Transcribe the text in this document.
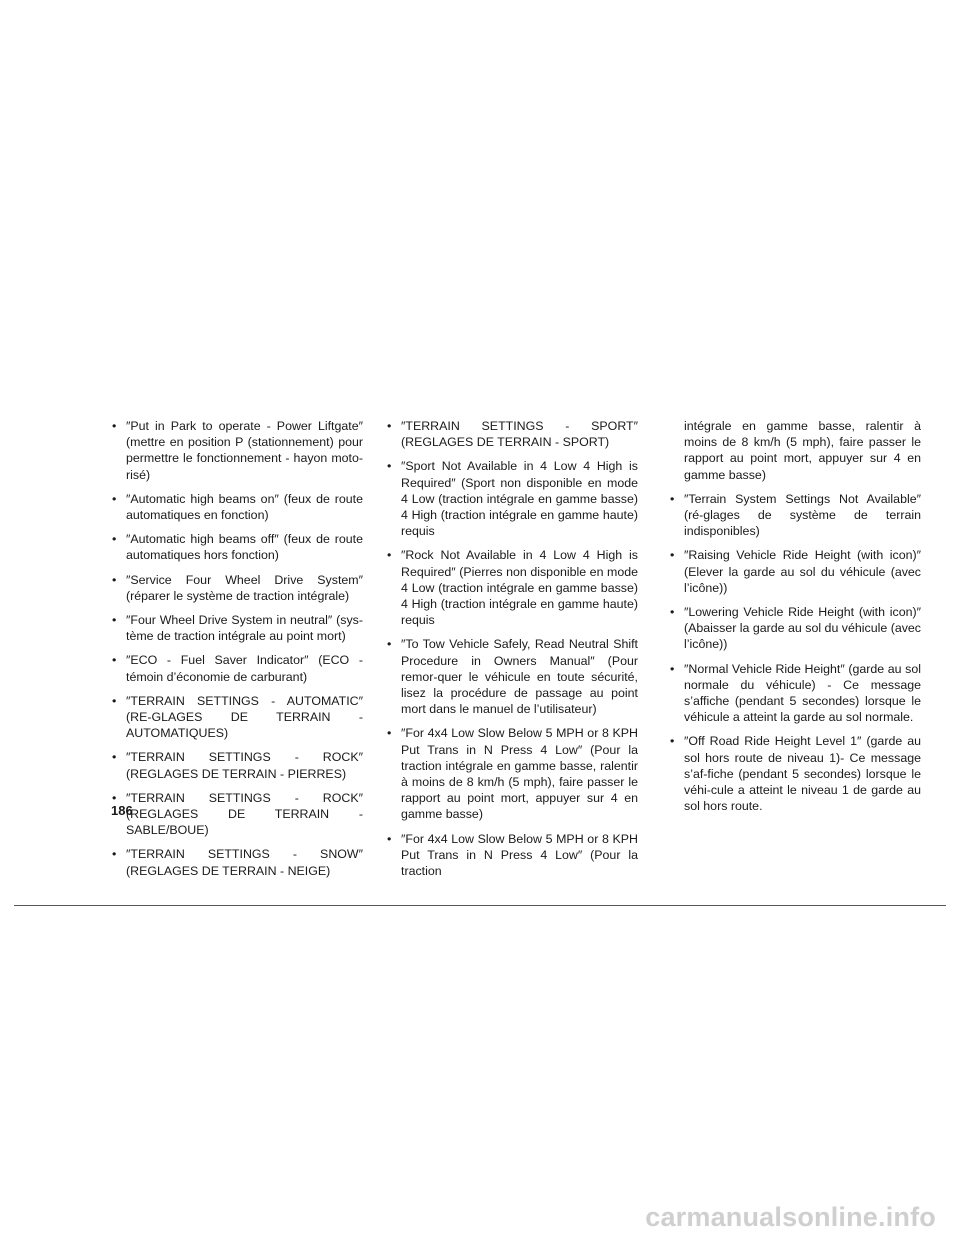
• ″Put in Park to operate - Power Liftgate″ (mettre en position P (stationnement) pour permettre le fonctionnement - hayon moto-risé)
• ″Automatic high beams on″ (feux de route automatiques en fonction)
• ″Automatic high beams off″ (feux de route automatiques hors fonction)
• ″Service Four Wheel Drive System″ (réparer le système de traction intégrale)
• ″Four Wheel Drive System in neutral″ (sys-tème de traction intégrale au point mort)
• ″ECO - Fuel Saver Indicator″ (ECO - témoin d’économie de carburant)
• ″TERRAIN SETTINGS - AUTOMATIC″ (RE-GLAGES DE TERRAIN - AUTOMATIQUES)
• ″TERRAIN SETTINGS - ROCK″ (REGLAGES DE TERRAIN - PIERRES)
• ″TERRAIN SETTINGS - ROCK″ (REGLAGES DE TERRAIN - SABLE/BOUE)
• ″TERRAIN SETTINGS - SNOW″ (REGLAGES DE TERRAIN - NEIGE)
• ″TERRAIN SETTINGS - SPORT″ (REGLAGES DE TERRAIN - SPORT)
• ″Sport Not Available in 4 Low 4 High is Required″ (Sport non disponible en mode 4 Low (traction intégrale en gamme basse) 4 High (traction intégrale en gamme haute) requis
• ″Rock Not Available in 4 Low 4 High is Required″ (Pierres non disponible en mode 4 Low (traction intégrale en gamme basse) 4 High (traction intégrale en gamme haute) requis
• ″To Tow Vehicle Safely, Read Neutral Shift Procedure in Owners Manual″ (Pour remor-quer le véhicule en toute sécurité, lisez la procédure de passage au point mort dans le manuel de l’utilisateur)
• ″For 4x4 Low Slow Below 5 MPH or 8 KPH Put Trans in N Press 4 Low″ (Pour la traction intégrale en gamme basse, ralentir à moins de 8 km/h (5 mph), faire passer le rapport au point mort, appuyer sur 4 en gamme basse)
• ″For 4x4 Low Slow Below 5 MPH or 8 KPH Put Trans in N Press 4 Low″ (Pour la traction

intégrale en gamme basse, ralentir à moins de 8 km/h (5 mph), faire passer le rapport au point mort, appuyer sur 4 en gamme basse)

• ″Terrain System Settings Not Available″ (ré-glages de système de terrain indisponibles)
• ″Raising Vehicle Ride Height (with icon)″ (Elever la garde au sol du véhicule (avec l’icône))
• ″Lowering Vehicle Ride Height (with icon)″ (Abaisser la garde au sol du véhicule (avec l’icône))
• ″Normal Vehicle Ride Height″ (garde au sol normale du véhicule) - Ce message s’affiche (pendant 5 secondes) lorsque le véhicule a atteint la garde au sol normale.
• ″Off Road Ride Height Level 1″ (garde au sol hors route de niveau 1)- Ce message s’af-fiche (pendant 5 secondes) lorsque le véhi-cule a atteint le niveau 1 de garde au sol hors route.
186
carmanualsonline.info
